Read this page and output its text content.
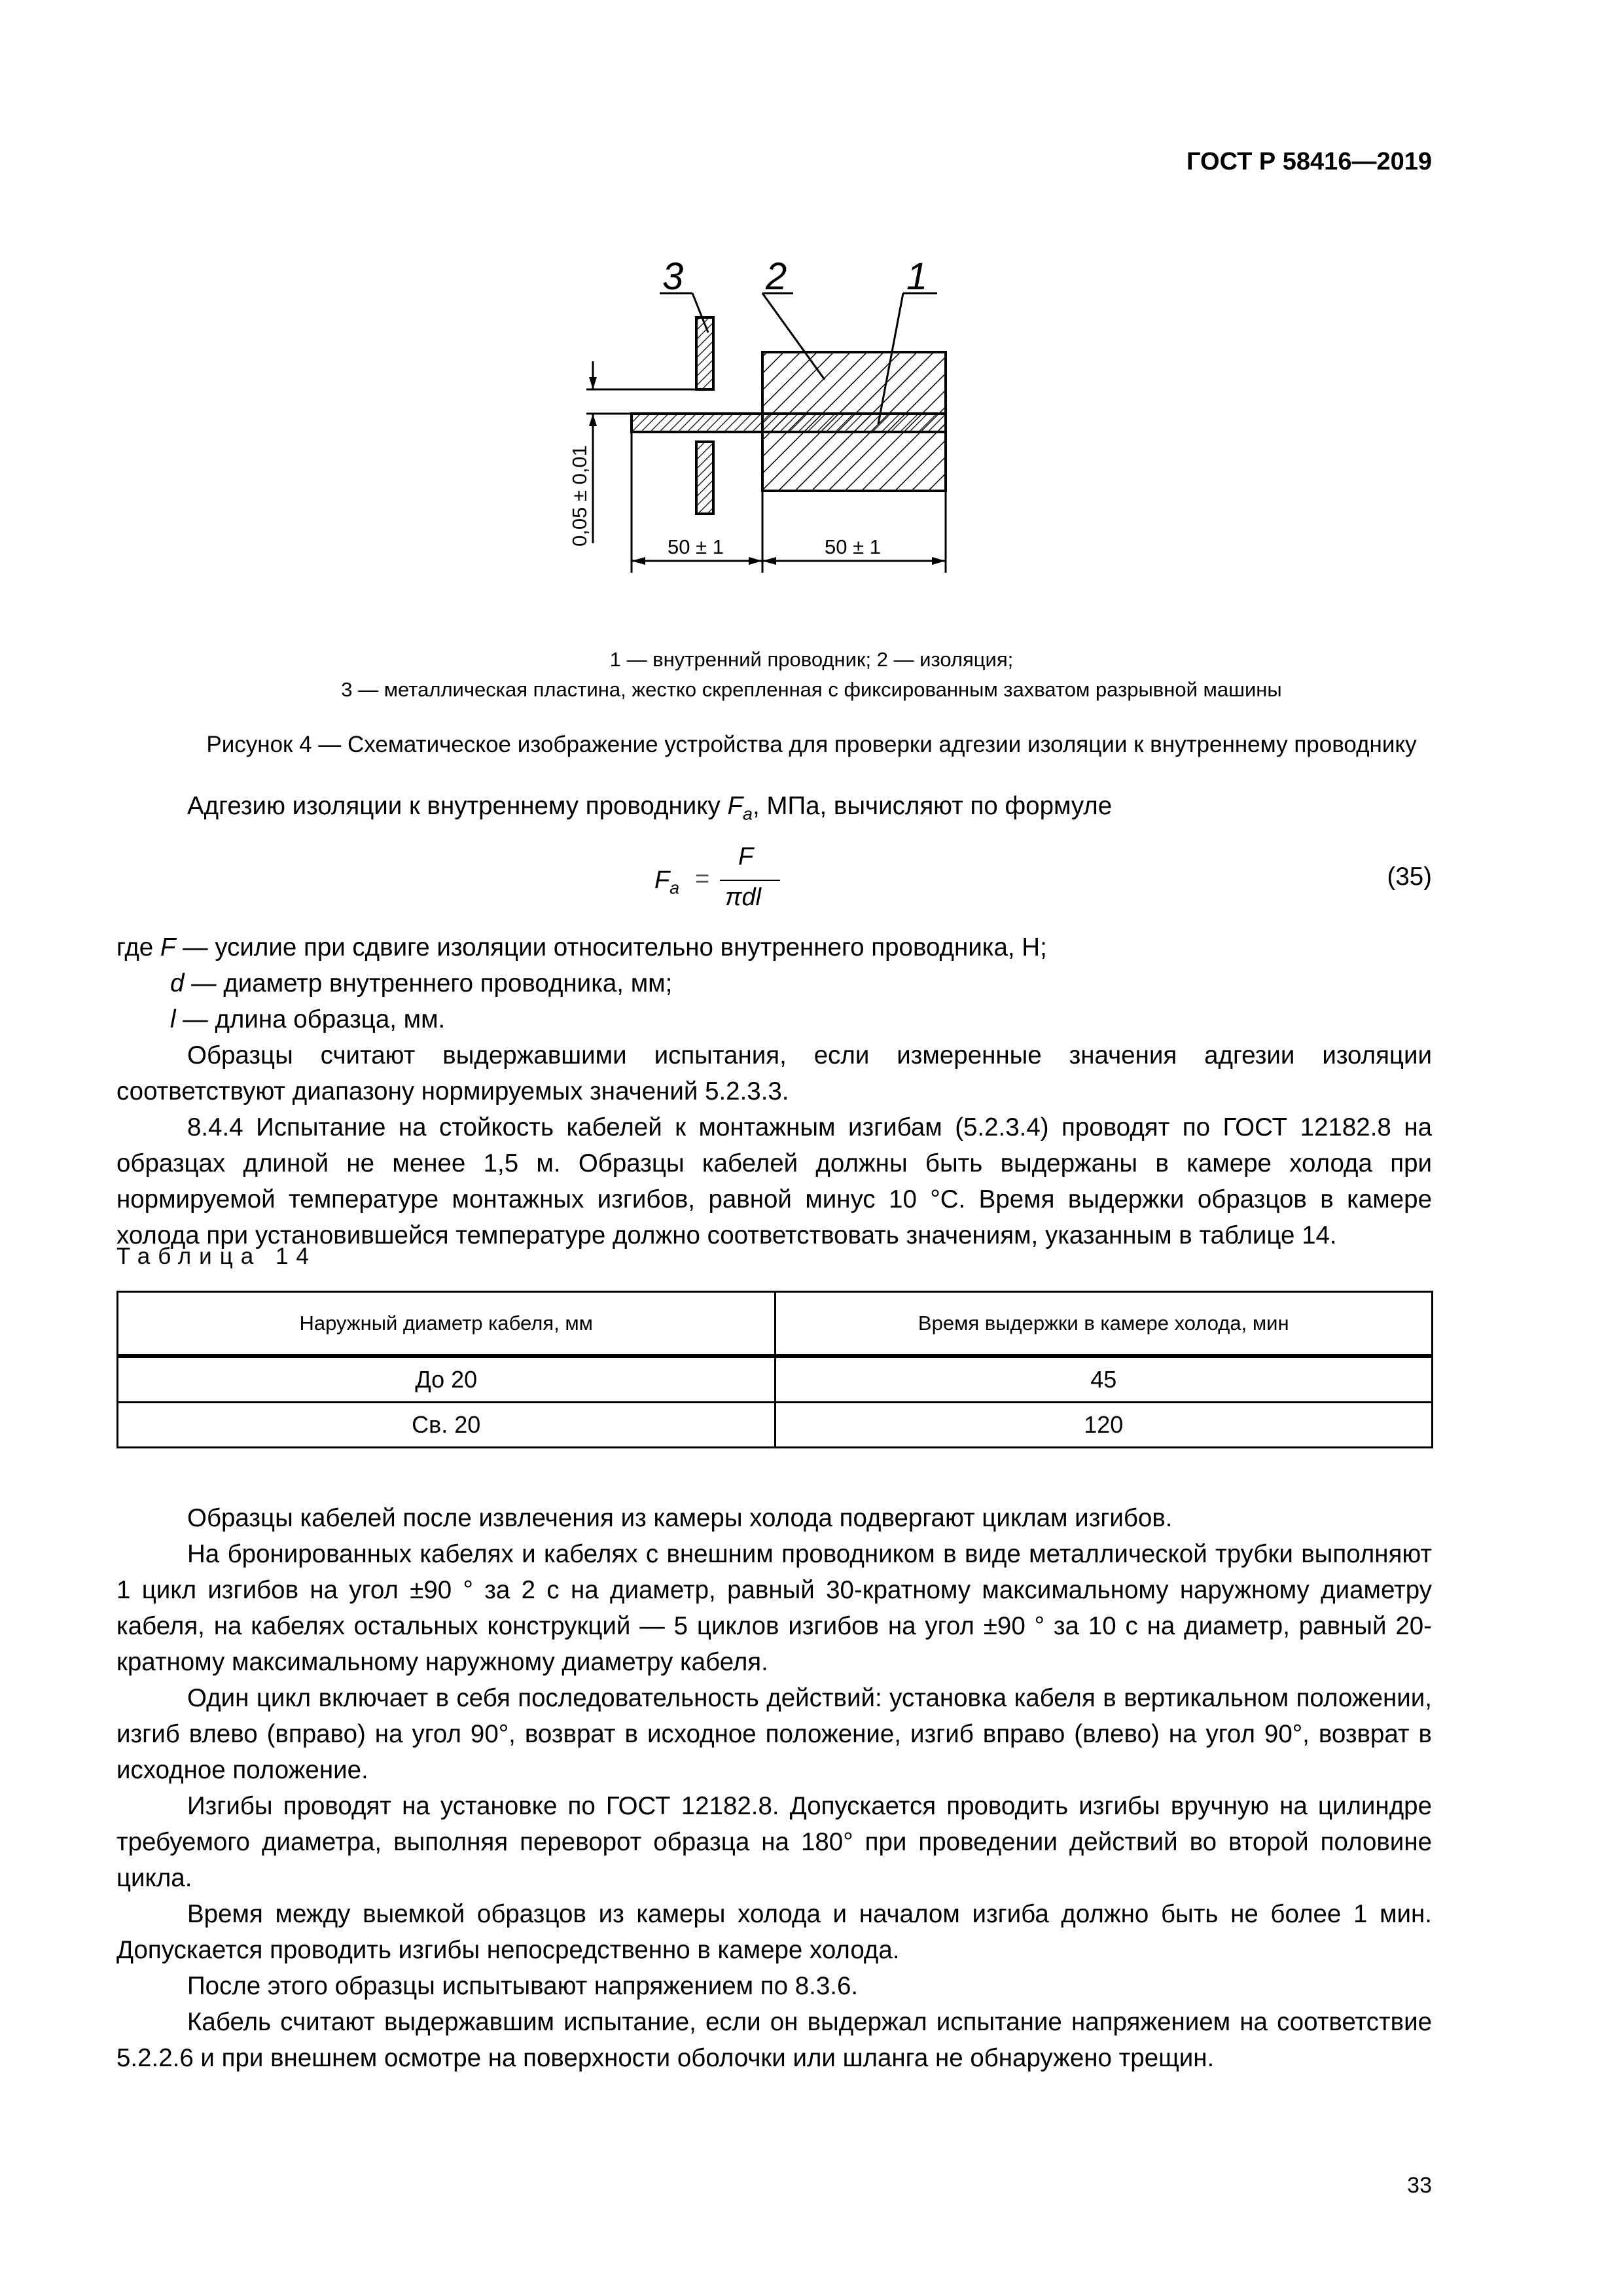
ГОСТ Р 58416—2019
3 2	1
0,05 ± 0,01
50 ± 1	50 ± 1
1 — внутренний проводник; 2 — изоляция;
3 — металлическая пластина, жестко скрепленная с фиксированным захватом разрывной машины
Рисунок 4 — Схематическое изображение устройства для проверки адгезии изоляции к внутреннему проводнику
Адгезию изоляции к внутреннему проводнику $F_a$, МПа, вычисляют по формуле
$F_a$ =
F
πdl
(35)
где F — усилие при сдвиге изоляции относительно внутреннего проводника, Н;
d — диаметр внутреннего проводника, мм;
l — длина образца, мм.
Образцы считают выдержавшими испытания, если измеренные значения адгезии изоляции соответствуют диапазону нормируемых значений 5.2.3.3.
8.4.4 Испытание на стойкость кабелей к монтажным изгибам (5.2.3.4) проводят по ГОСТ 12182.8 на образцах длиной не менее 1,5 м. Образцы кабелей должны быть выдержаны в камере холода при нормируемой температуре монтажных изгибов, равной минус 10 °С. Время выдержки образцов в камере холода при установившейся температуре должно соответствовать значениям, указанным в таблице 14.
Таблица 14
Наружный диаметр кабеля, мм	Время выдержки в камере холода, мин
До 20	45
Св. 20	120
Образцы кабелей после извлечения из камеры холода подвергают циклам изгибов.
На бронированных кабелях и кабелях с внешним проводником в виде металлической трубки выполняют 1 цикл изгибов на угол ±90 ° за 2 с на диаметр, равный 30-кратному максимальному наружному диаметру кабеля, на кабелях остальных конструкций — 5 циклов изгибов на угол ±90 ° за 10 с на диаметр, равный 20-кратному максимальному наружному диаметру кабеля.
Один цикл включает в себя последовательность действий: установка кабеля в вертикальном положении, изгиб влево (вправо) на угол 90°, возврат в исходное положение, изгиб вправо (влево) на угол 90°, возврат в исходное положение.
Изгибы проводят на установке по ГОСТ 12182.8. Допускается проводить изгибы вручную на цилиндре требуемого диаметра, выполняя переворот образца на 180° при проведении действий во второй половине цикла.
Время между выемкой образцов из камеры холода и началом изгиба должно быть не более 1 мин. Допускается проводить изгибы непосредственно в камере холода.
После этого образцы испытывают напряжением по 8.3.6.
Кабель считают выдержавшим испытание, если он выдержал испытание напряжением на соответствие 5.2.2.6 и при внешнем осмотре на поверхности оболочки или шланга не обнаружено трещин.
33
